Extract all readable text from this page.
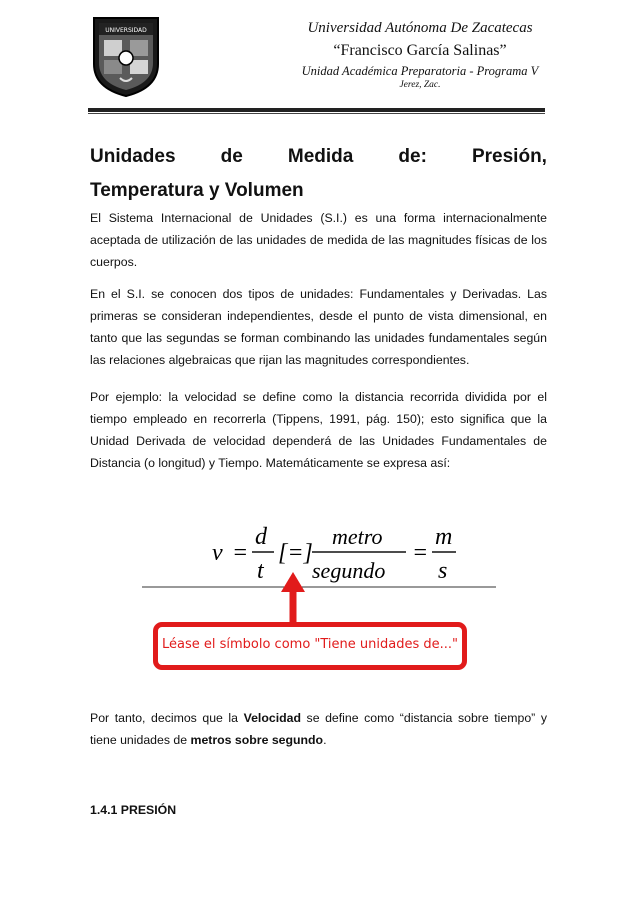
UNIVERSIDAD	Universidad Autónoma De Zacatecas
“Francisco García Salinas”
Unidad Académica Preparatoria - Programa V
Jerez, Zac.
Unidades de Medida de: Presión,
Temperatura y Volumen
El Sistema Internacional de Unidades (S.I.) es una forma internacionalmente aceptada de utilización de las unidades de medida de las magnitudes físicas de los cuerpos.
En el S.I. se conocen dos tipos de unidades: Fundamentales y Derivadas. Las primeras se consideran independientes, desde el punto de vista dimensional, en tanto que las segundas se forman combinando las unidades fundamentales según las relaciones algebraicas que rijan las magnitudes correspondientes.
Por ejemplo: la velocidad se define como la distancia recorrida dividida por el tiempo empleado en recorrerla (Tippens, 1991, pág. 150); esto significa que la Unidad Derivada de velocidad dependerá de las Unidades Fundamentales de Distancia (o longitud) y Tiempo. Matemáticamente se expresa así:
v =
d
t
[=]
metro
segundo
=
m
s
Léase el símbolo como "Tiene unidades de..."
Por tanto, decimos que la Velocidad se define como “distancia sobre tiempo” y tiene unidades de metros sobre segundo.
1.4.1 PRESIÓN
